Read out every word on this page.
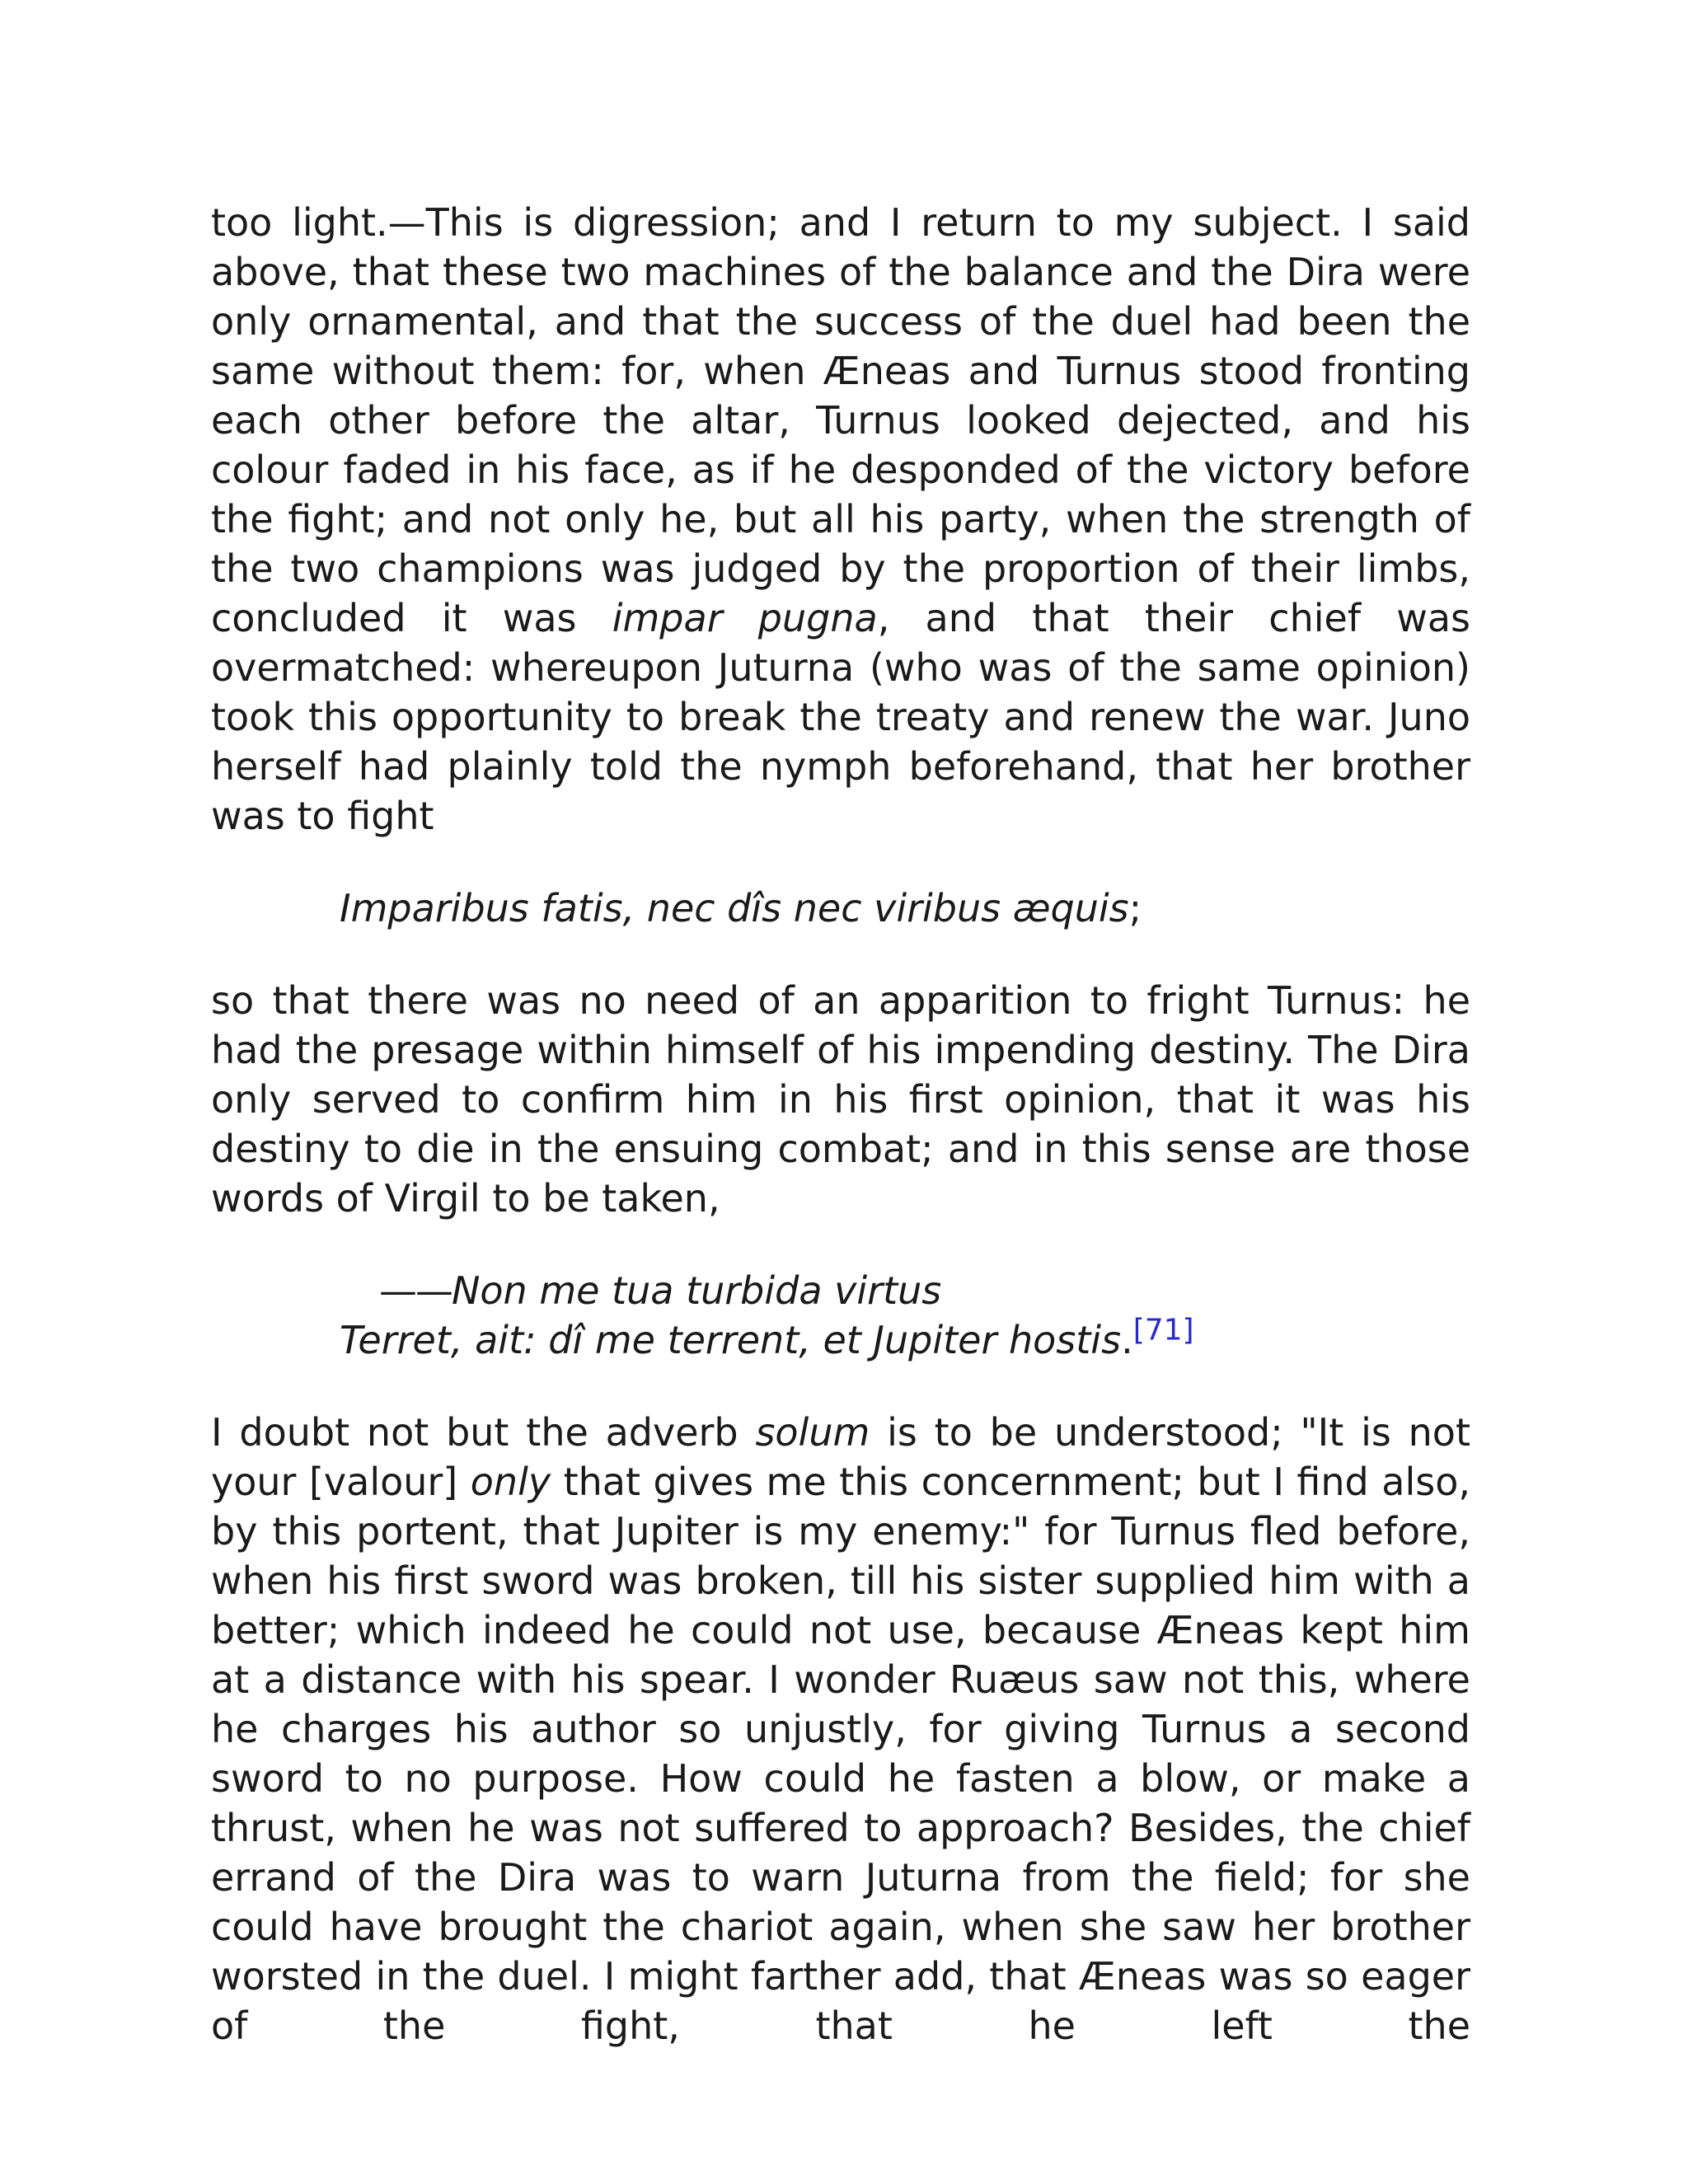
too light.—This is digression; and I return to my subject. I said above, that these two machines of the balance and the Dira were only ornamental, and that the success of the duel had been the same without them: for, when Æneas and Turnus stood fronting each other before the altar, Turnus looked dejected, and his colour faded in his face, as if he desponded of the victory before the fight; and not only he, but all his party, when the strength of the two champions was judged by the proportion of their limbs, concluded it was impar pugna, and that their chief was overmatched: whereupon Juturna (who was of the same opinion) took this opportunity to break the treaty and renew the war. Juno herself had plainly told the nymph beforehand, that her brother was to fight

Imparibus fatis, nec dîs nec viribus æquis;

so that there was no need of an apparition to fright Turnus: he had the presage within himself of his impending destiny. The Dira only served to confirm him in his first opinion, that it was his destiny to die in the ensuing combat; and in this sense are those words of Virgil to be taken,

——Non me tua turbida virtus

Terret, ait: dî me terrent, et Jupiter hostis.[71]

I doubt not but the adverb solum is to be understood; "It is not your [valour] only that gives me this concernment; but I find also, by this portent, that Jupiter is my enemy:" for Turnus fled before, when his first sword was broken, till his sister supplied him with a better; which indeed he could not use, because Æneas kept him at a distance with his spear. I wonder Ruæus saw not this, where he charges his author so unjustly, for giving Turnus a second sword to no purpose. How could he fasten a blow, or make a thrust, when he was not suffered to approach? Besides, the chief errand of the Dira was to warn Juturna from the field; for she could have brought the chariot again, when she saw her brother worsted in the duel. I might farther add, that Æneas was so eager of the fight, that he left the
